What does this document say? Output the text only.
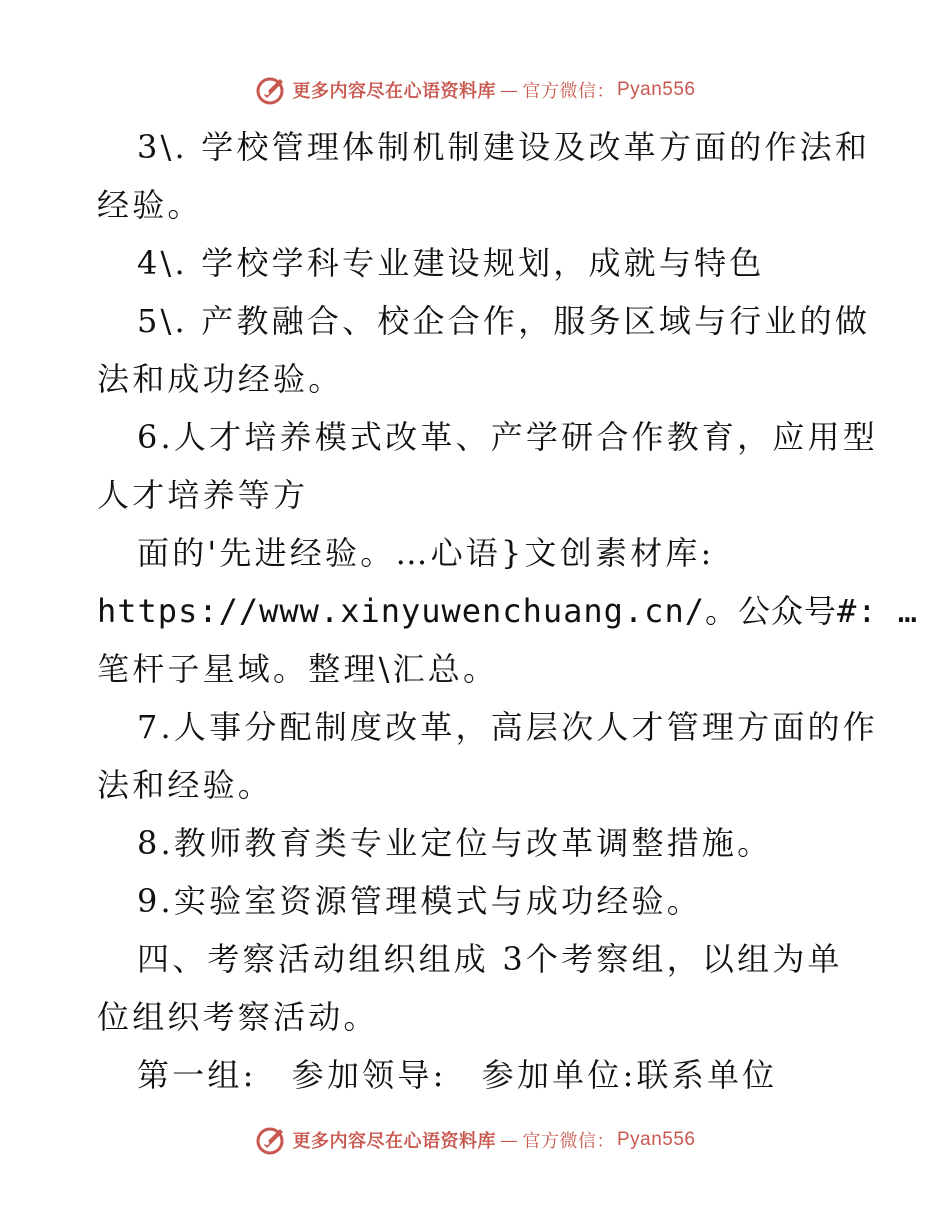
更多内容尽在心语资料库 — 官方微信： Pyan556
3\. 学校管理体制机制建设及改革方面的作法和
经验。
4\. 学校学科专业建设规划，成就与特色
5\. 产教融合、校企合作，服务区域与行业的做
法和成功经验。
6.人才培养模式改革、产学研合作教育，应用型
人才培养等方
面的'先进经验。…心语}文创素材库:
https://www.xinyuwenchuang.cn/。公众号#: …
笔杆子星域。整理\汇总。
7.人事分配制度改革，高层次人才管理方面的作
法和经验。
8.教师教育类专业定位与改革调整措施。
9.实验室资源管理模式与成功经验。
四、考察活动组织组成 3个考察组，以组为单
位组织考察活动。
第一组:　参加领导:　参加单位:联系单位
更多内容尽在心语资料库 — 官方微信： Pyan556
